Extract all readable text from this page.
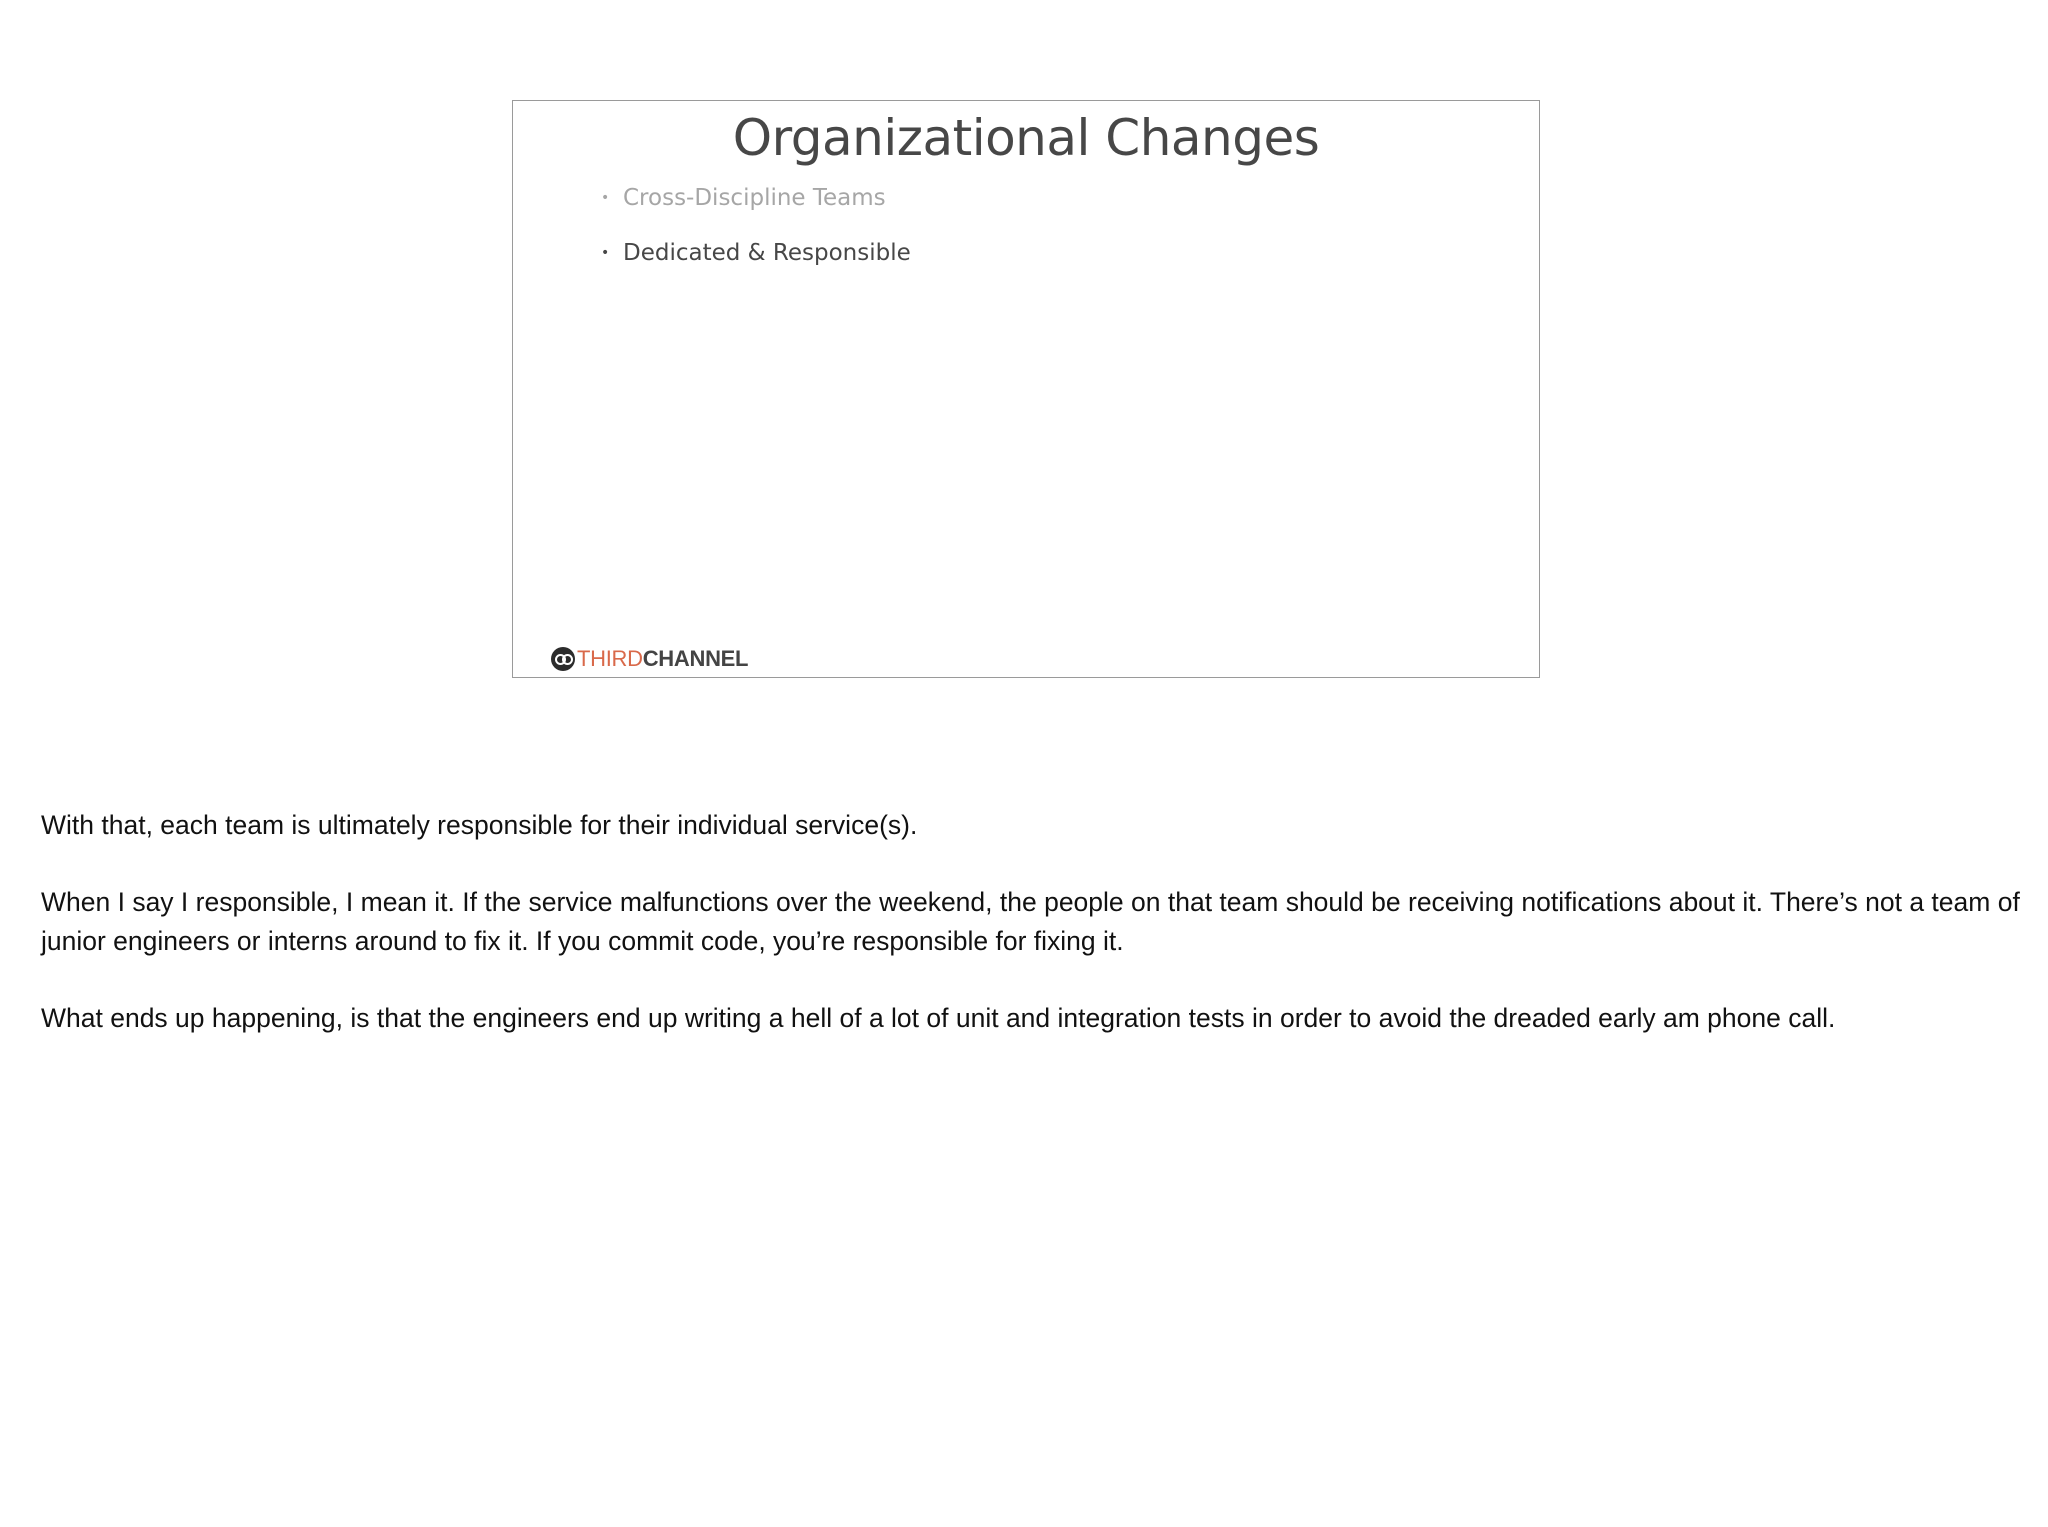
Organizational Changes
• Cross-Discipline Teams
• Dedicated & Responsible
THIRD CHANNEL

With that, each team is ultimately responsible for their individual service(s).

When I say I responsible, I mean it. If the service malfunctions over the weekend, the people on that team should be receiving notifications about it. There’s not a team of junior engineers or interns around to fix it. If you commit code, you’re responsible for fixing it.

What ends up happening, is that the engineers end up writing a hell of a lot of unit and integration tests in order to avoid the dreaded early am phone call.
